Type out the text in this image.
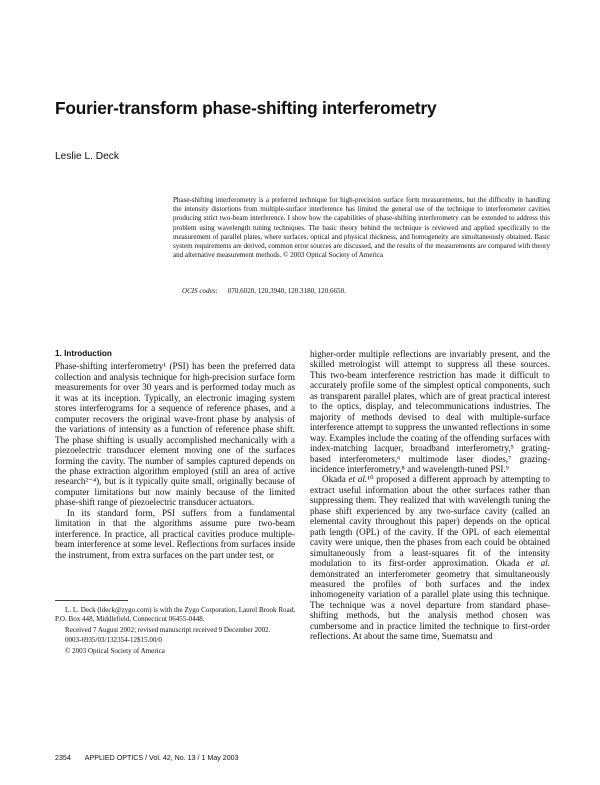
Fourier-transform phase-shifting interferometry
Leslie L. Deck

Phase-shifting interferometry is a preferred technique for high-precision surface form measurements, but the difficulty in handling the intensity distortions from multiple-surface interference has limited the general use of the technique to interferometer cavities producing strict two-beam interference. I show how the capabilities of phase-shifting interferometry can be extended to address this problem using wavelength tuning techniques. The basic theory behind the technique is reviewed and applied specifically to the measurement of parallel plates, where surfaces, optical and physical thickness, and homogeneity are simultaneously obtained. Basic system requirements are derived, common error sources are discussed, and the results of the measurements are compared with theory and alternative measurement methods. © 2003 Optical Society of America

OCIS codes: 070.6020, 120.3940, 120.3180, 120.6650.

1. Introduction

Phase-shifting interferometry¹ (PSI) has been the preferred data collection and analysis technique for high-precision surface form measurements for over 30 years and is performed today much as it was at its inception. Typically, an electronic imaging system stores interferograms for a sequence of reference phases, and a computer recovers the original wave-front phase by analysis of the variations of intensity as a function of reference phase shift. The phase shifting is usually accomplished mechanically with a piezoelectric transducer element moving one of the surfaces forming the cavity. The number of samples captured depends on the phase extraction algorithm employed (still an area of active research²⁻⁴), but is it typically quite small, originally because of computer limitations but now mainly because of the limited phase-shift range of piezoelectric transducer actuators.

In its standard form, PSI suffers from a fundamental limitation in that the algorithms assume pure two-beam interference. In practice, all practical cavities produce multiple-beam interference at some level. Reflections from surfaces inside the instrument, from extra surfaces on the part under test, or

higher-order multiple reflections are invariably present, and the skilled metrologist will attempt to suppress all these sources. This two-beam interference restriction has made it difficult to accurately profile some of the simplest optical components, such as transparent parallel plates, which are of great practical interest to the optics, display, and telecommunications industries. The majority of methods devised to deal with multiple-surface interference attempt to suppress the unwanted reflections in some way. Examples include the coating of the offending surfaces with index-matching lacquer, broadband interferometry,⁵ grating-based interferometers,⁶ multimode laser diodes,⁷ grazing-incidence interferometry,⁸ and wavelength-tuned PSI.⁹

Okada et al.¹⁰ proposed a different approach by attempting to extract useful information about the other surfaces rather than suppressing them. They realized that with wavelength tuning the phase shift experienced by any two-surface cavity (called an elemental cavity throughout this paper) depends on the optical path length (OPL) of the cavity. If the OPL of each elemental cavity were unique, then the phases from each could be obtained simultaneously from a least-squares fit of the intensity modulation to its first-order approximation. Okada et al. demonstrated an interferometer geometry that simultaneously measured the profiles of both surfaces and the index inhomogeneity variation of a parallel plate using this technique. The technique was a novel departure from standard phase-shifting methods, but the analysis method chosen was cumbersome and in practice limited the technique to first-order reflections. At about the same time, Suematsu and

L. L. Deck (ldeck@zygo.com) is with the Zygo Corporation, Laurel Brook Road, P.O. Box 448, Middlefield, Connecticut 06455-0448.

Received 7 August 2002; revised manuscript received 9 December 2002.

0003-6935/03/132354-12$15.00/0

© 2003 Optical Society of America

2354 APPLIED OPTICS / Vol. 42, No. 13 / 1 May 2003
